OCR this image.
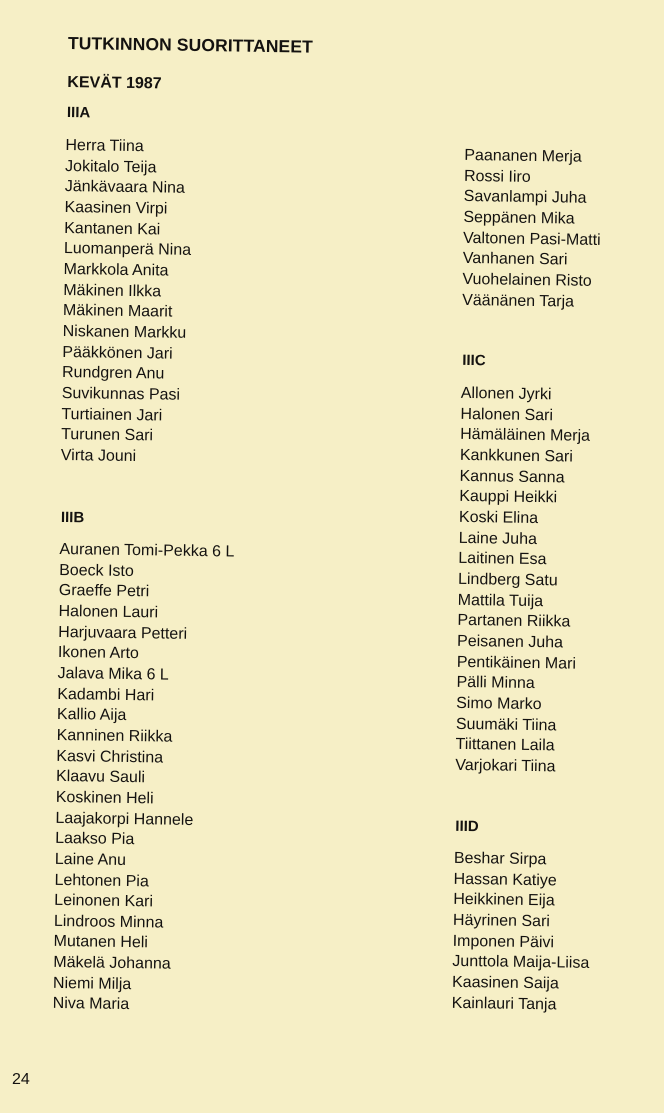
TUTKINNON SUORITTANEET
KEVÄT 1987
IIIA
Herra Tiina
Jokitalo Teija
Jänkävaara Nina
Kaasinen Virpi
Kantanen Kai
Luomanperä Nina
Markkola Anita
Mäkinen Ilkka
Mäkinen Maarit
Niskanen Markku
Pääkkönen Jari
Rundgren Anu
Suvikunnas Pasi
Turtiainen Jari
Turunen Sari
Virta Jouni
IIIB
Auranen Tomi-Pekka 6 L
Boeck Isto
Graeffe Petri
Halonen Lauri
Harjuvaara Petteri
Ikonen Arto
Jalava Mika 6 L
Kadambi Hari
Kallio Aija
Kanninen Riikka
Kasvi Christina
Klaavu Sauli
Koskinen Heli
Laajakorpi Hannele
Laakso Pia
Laine Anu
Lehtonen Pia
Leinonen Kari
Lindroos Minna
Mutanen Heli
Mäkelä Johanna
Niemi Milja
Niva Maria
Paananen Merja
Rossi Iiro
Savanlampi Juha
Seppänen Mika
Valtonen Pasi-Matti
Vanhanen Sari
Vuohelainen Risto
Väänänen Tarja
IIIC
Allonen Jyrki
Halonen Sari
Hämäläinen Merja
Kankkunen Sari
Kannus Sanna
Kauppi Heikki
Koski Elina
Laine Juha
Laitinen Esa
Lindberg Satu
Mattila Tuija
Partanen Riikka
Peisanen Juha
Pentikäinen Mari
Pälli Minna
Simo Marko
Suumäki Tiina
Tiittanen Laila
Varjokari Tiina
IIID
Beshar Sirpa
Hassan Katiye
Heikkinen Eija
Häyrinen Sari
Imponen Päivi
Junttola Maija-Liisa
Kaasinen Saija
Kainlauri Tanja
24
